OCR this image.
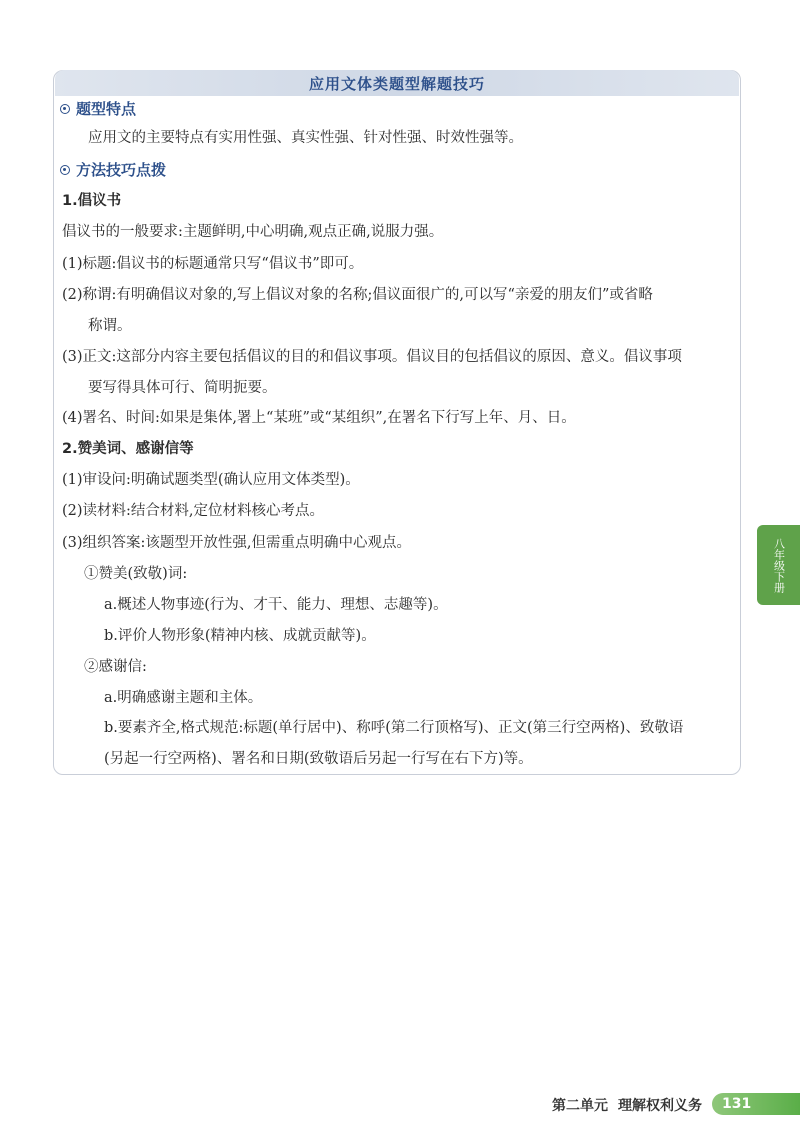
应用文体类题型解题技巧
题型特点
应用文的主要特点有实用性强、真实性强、针对性强、时效性强等。
方法技巧点拨
1.倡议书
倡议书的一般要求:主题鲜明,中心明确,观点正确,说服力强。
(1)标题:倡议书的标题通常只写“倡议书”即可。
(2)称谓:有明确倡议对象的,写上倡议对象的名称;倡议面很广的,可以写“亲爱的朋友们”或省略
称谓。
(3)正文:这部分内容主要包括倡议的目的和倡议事项。倡议目的包括倡议的原因、意义。倡议事项
要写得具体可行、简明扼要。
(4)署名、时间:如果是集体,署上“某班”或“某组织”,在署名下行写上年、月、日。
2.赞美词、感谢信等
(1)审设问:明确试题类型(确认应用文体类型)。
(2)读材料:结合材料,定位材料核心考点。
(3)组织答案:该题型开放性强,但需重点明确中心观点。
①赞美(致敬)词:
a.概述人物事迹(行为、才干、能力、理想、志趣等)。
b.评价人物形象(精神内核、成就贡献等)。
②感谢信:
a.明确感谢主题和主体。
b.要素齐全,格式规范:标题(单行居中)、称呼(第二行顶格写)、正文(第三行空两格)、致敬语
(另起一行空两格)、署名和日期(致敬语后另起一行写在右下方)等。
八年级下册
第二单元 理解权利义务 131
